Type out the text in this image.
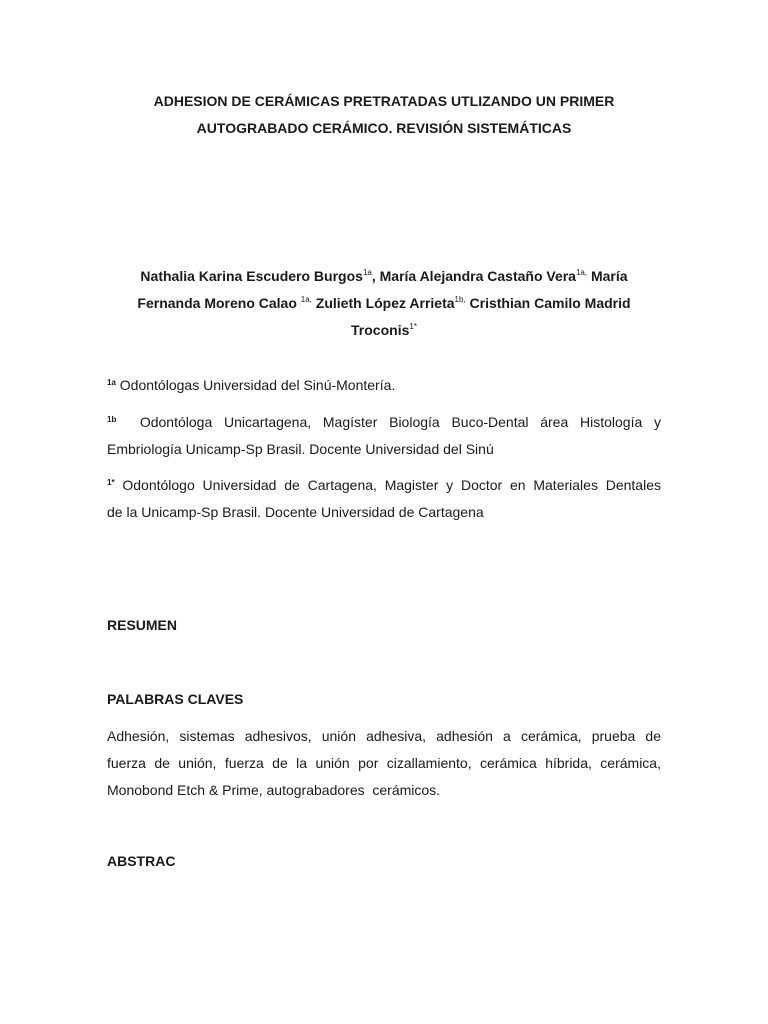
ADHESION DE CERÁMICAS PRETRATADAS UTLIZANDO UN PRIMER
AUTOGRABADO CERÁMICO. REVISIÓN SISTEMÁTICAS
Nathalia Karina Escudero Burgos$^{1a}$, María Alejandra Castaño Vera$^{1a,}$ María Fernanda Moreno Calao $^{1a,}$ Zulieth López Arrieta$^{1b,}$ Cristhian Camilo Madrid Troconis$^{1*}$
$^{1a}$ Odontólogas Universidad del Sinú-Montería.
$^{1b}$ Odontóloga Unicartagena, Magíster Biología Buco-Dental área Histología y
Embriología Unicamp-Sp Brasil. Docente Universidad del Sinú
$^{1*}$ Odontólogo Universidad de Cartagena, Magister y Doctor en Materiales Dentales
de la Unicamp-Sp Brasil. Docente Universidad de Cartagena
RESUMEN
PALABRAS CLAVES
Adhesión, sistemas adhesivos, unión adhesiva, adhesión a cerámica, prueba de
fuerza de unión, fuerza de la unión por cizallamiento, cerámica híbrida, cerámica,
Monobond Etch & Prime, autograbadores  cerámicos.
ABSTRAC
